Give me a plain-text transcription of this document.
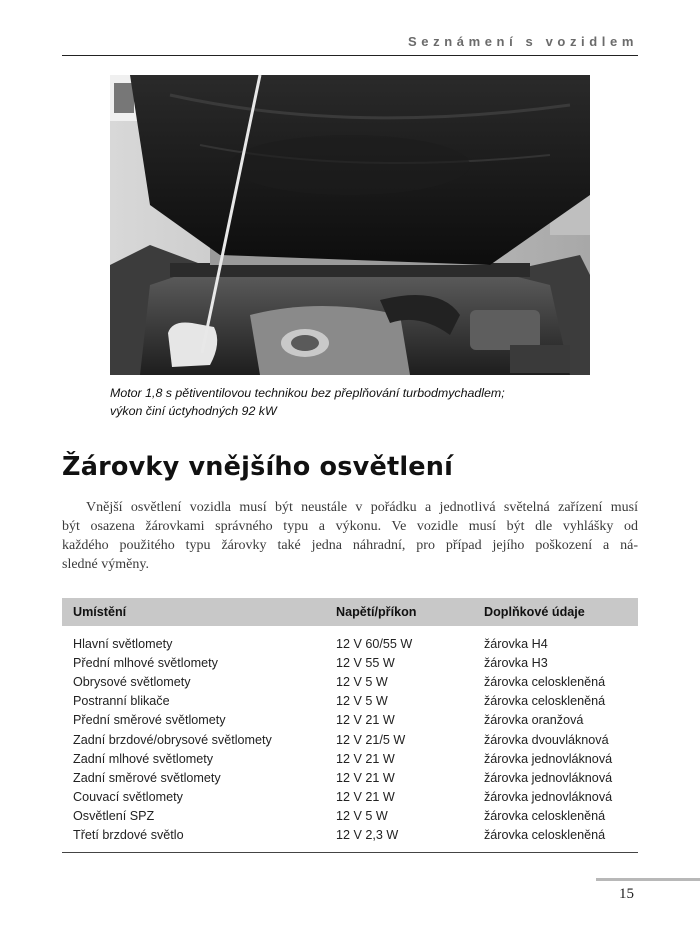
Seznámení s vozidlem
Motor 1,8 s pětiventilovou technikou bez přeplňování turbodmychadlem;
výkon činí úctyhodných 92 kW
Žárovky vnějšího osvětlení
Vnější osvětlení vozidla musí být neustále v pořádku a jednotlivá světelná zařízení musí
být osazena žárovkami správného typu a výkonu. Ve vozidle musí být dle vyhlášky od
každého použitého typu žárovky také jedna náhradní, pro případ jejího poškození a ná-
sledné výměny.
Umístění	Napětí/příkon	Doplňkové údaje

Hlavní světlomety	12 V 60/55 W	žárovka H4
Přední mlhové světlomety	12 V 55 W	žárovka H3
Obrysové světlomety	12 V 5 W	žárovka celoskleněná
Postranní blikače	12 V 5 W	žárovka celoskleněná
Přední směrové světlomety	12 V 21 W	žárovka oranžová
Zadní brzdové/obrysové světlomety	12 V 21/5 W	žárovka dvouvláknová
Zadní mlhové světlomety	12 V 21 W	žárovka jednovláknová
Zadní směrové světlomety	12 V 21 W	žárovka jednovláknová
Couvací světlomety	12 V 21 W	žárovka jednovláknová
Osvětlení SPZ	12 V 5 W	žárovka celoskleněná
Třetí brzdové světlo	12 V 2,3 W	žárovka celoskleněná
15
